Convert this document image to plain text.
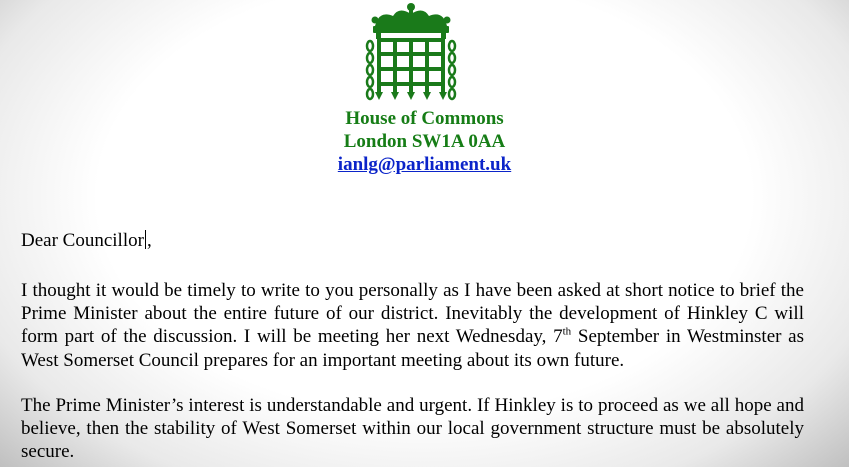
House of Commons
London SW1A 0AA
ianlg@parliament.uk
Dear Councillor ,
I thought it would be timely to write to you personally as I have been asked at short notice to brief the Prime Minister about the entire future of our district. Inevitably the development of Hinkley C will form part of the discussion. I will be meeting her next Wednesday, 7th September in Westminster as West Somerset Council prepares for an important meeting about its own future.
The Prime Minister’s interest is understandable and urgent. If Hinkley is to proceed as we all hope and believe, then the stability of West Somerset within our local government structure must be absolutely secure.
